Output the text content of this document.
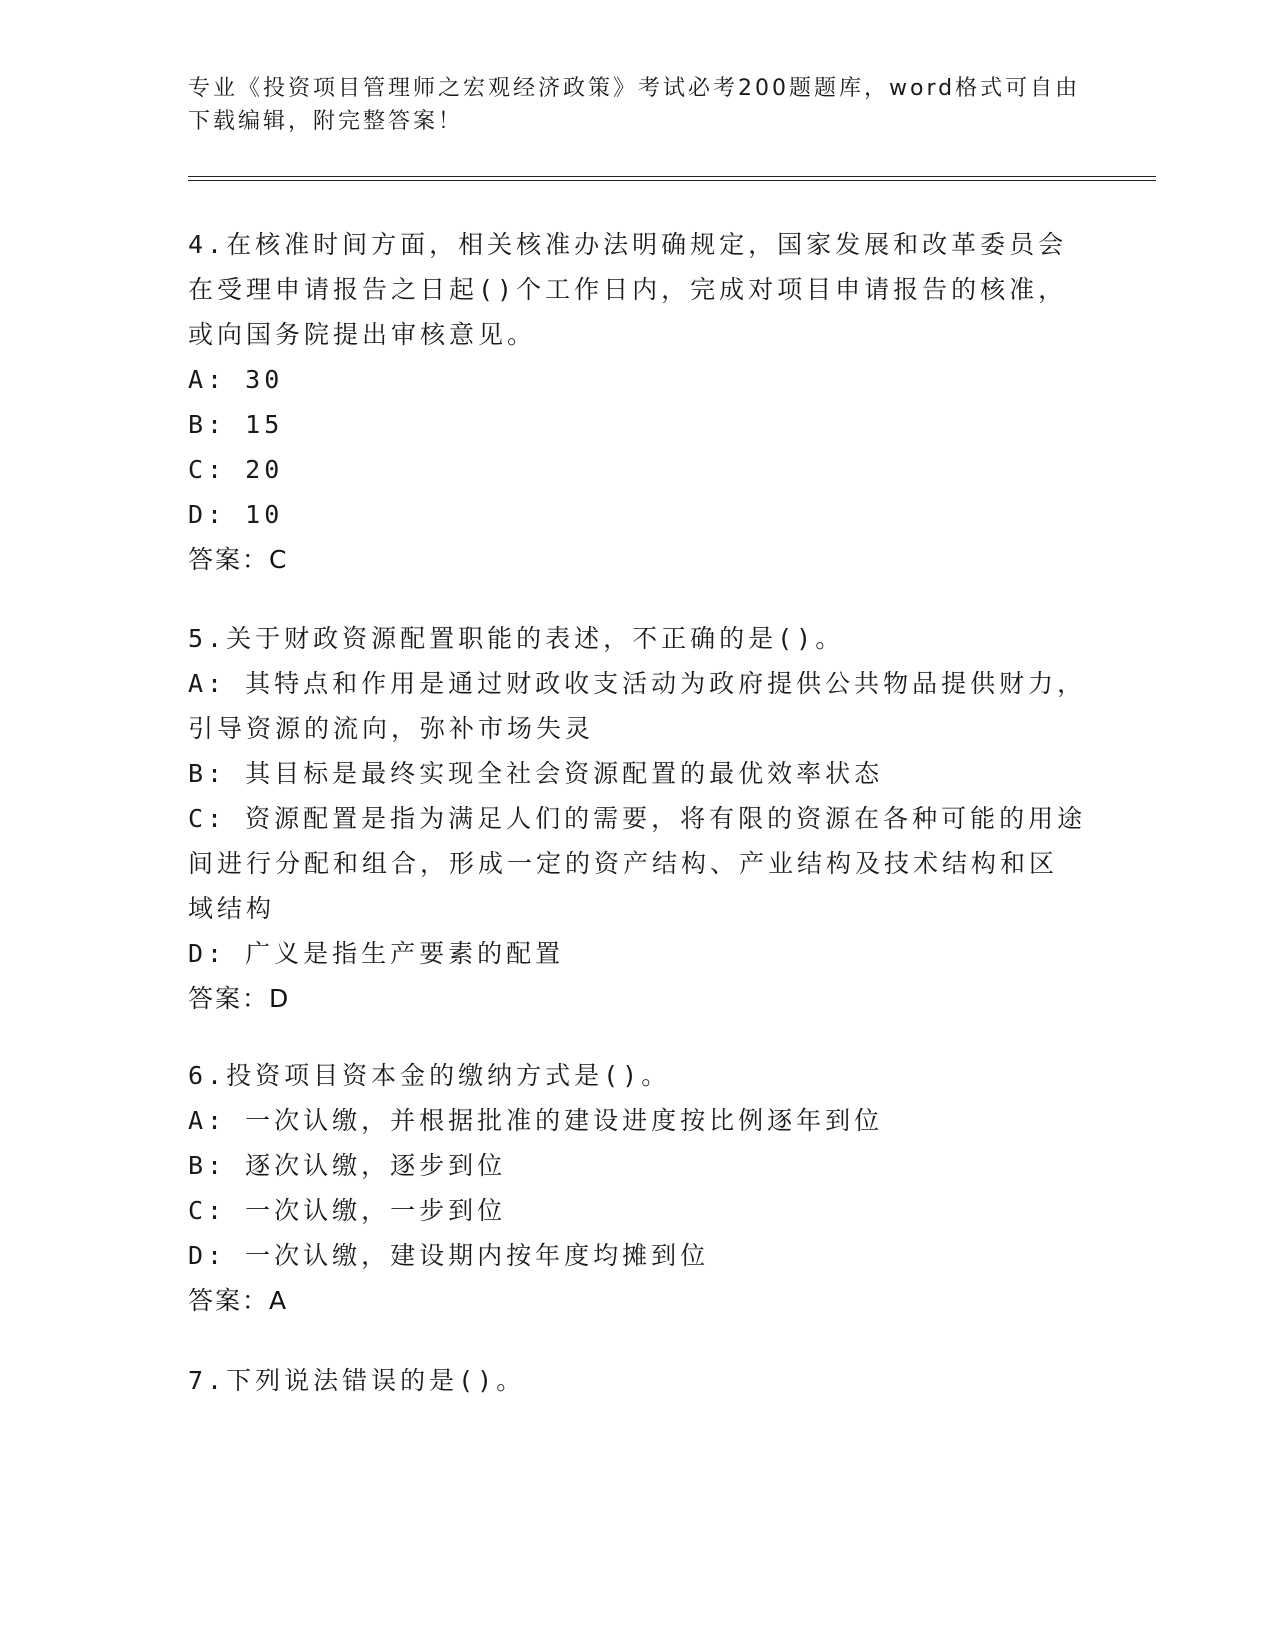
专业《投资项目管理师之宏观经济政策》考试必考200题题库，word格式可自由
下载编辑，附完整答案！

4.在核准时间方面，相关核准办法明确规定，国家发展和改革委员会

在受理申请报告之日起()个工作日内，完成对项目申请报告的核准，

或向国务院提出审核意见。

A: 30

B: 15

C: 20

D: 10

答案：C

5.关于财政资源配置职能的表述，不正确的是()。

A: 其特点和作用是通过财政收支活动为政府提供公共物品提供财力，

引导资源的流向，弥补市场失灵

B: 其目标是最终实现全社会资源配置的最优效率状态

C: 资源配置是指为满足人们的需要，将有限的资源在各种可能的用途

间进行分配和组合，形成一定的资产结构、产业结构及技术结构和区

域结构

D: 广义是指生产要素的配置

答案：D

6.投资项目资本金的缴纳方式是()。

A: 一次认缴，并根据批准的建设进度按比例逐年到位

B: 逐次认缴，逐步到位

C: 一次认缴，一步到位

D: 一次认缴，建设期内按年度均摊到位

答案：A

7.下列说法错误的是()。
